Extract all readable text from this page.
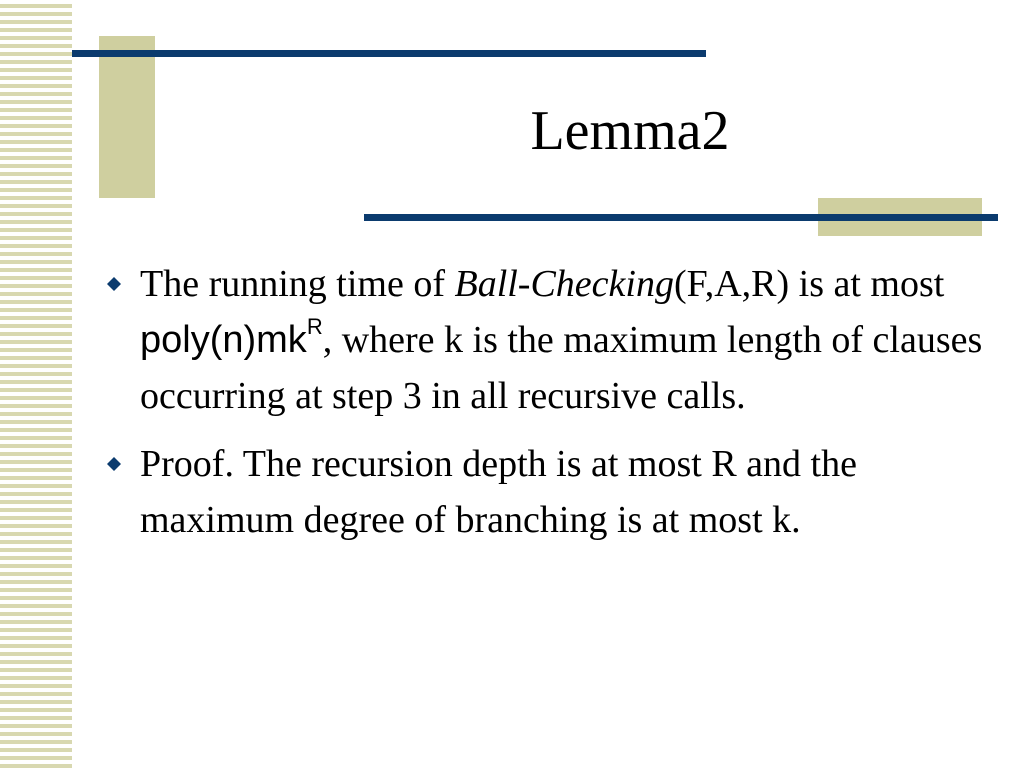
Lemma2
The running time of Ball-Checking(F,A,R) is at most $poly(n)mk^R$, where k is the maximum length of clauses occurring at step 3 in all recursive calls.
Proof. The recursion depth is at most R and the maximum degree of branching is at most k.
